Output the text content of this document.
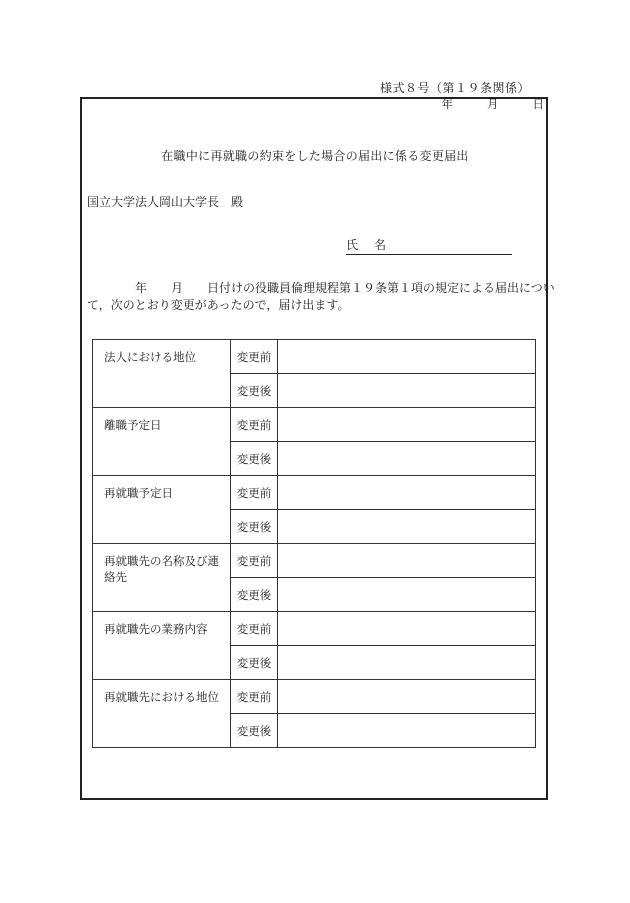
様式８号（第１９条関係）
年	月	日
在職中に再就職の約束をした場合の届出に係る変更届出
国立大学法人岡山大学長　殿
氏　名
　　　　年　　月　　日付けの役職員倫理規程第１９条第１項の規定による届出につい
て，次のとおり変更があったので，届け出ます。
法人における地位	変更前	
	変更後	
離職予定日	変更前	
	変更後	
再就職予定日	変更前	
	変更後	
再就職先の名称及び連絡先	変更前	
	変更後	
再就職先の業務内容	変更前	
	変更後	
再就職先における地位	変更前	
	変更後	
